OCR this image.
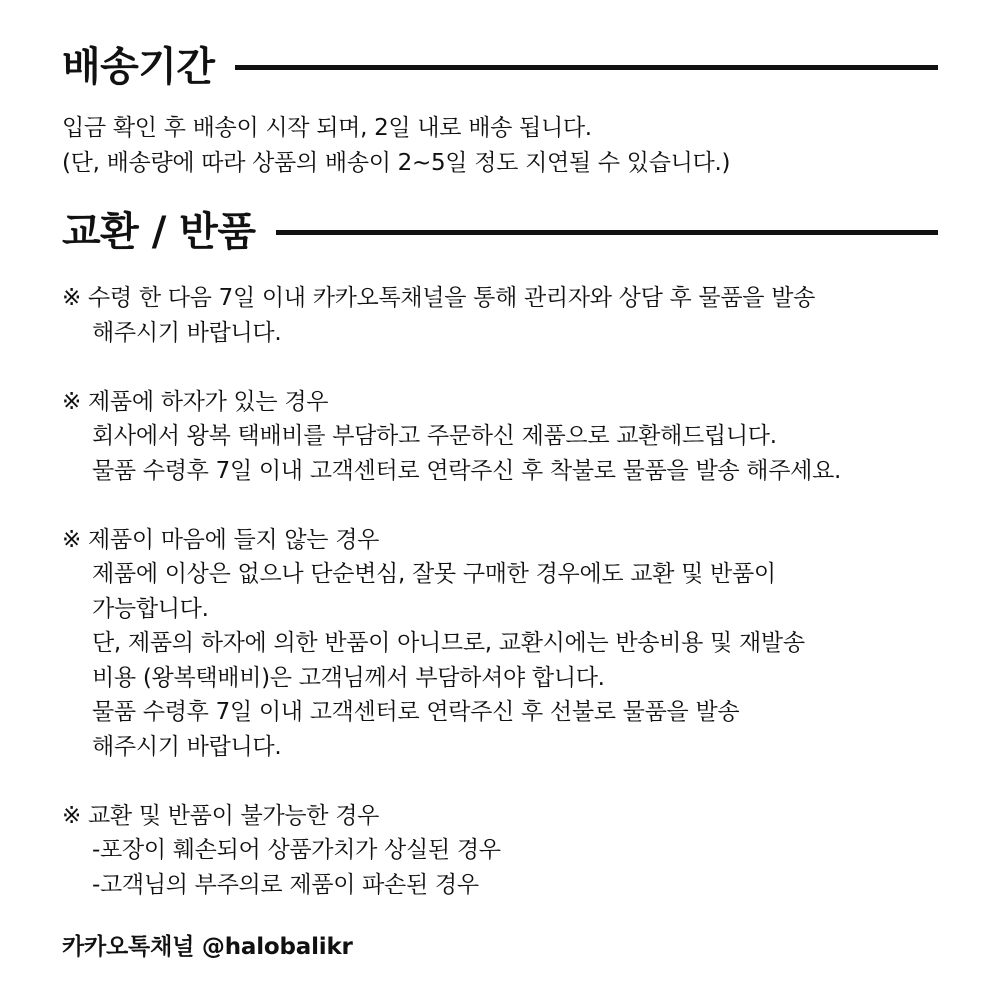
배송기간
입금 확인 후 배송이 시작 되며, 2일 내로 배송 됩니다.
(단, 배송량에 따라 상품의 배송이 2~5일 정도 지연될 수 있습니다.)
교환 / 반품
※ 수령 한 다음 7일 이내 카카오톡채널을 통해 관리자와 상담 후 물품을 발송
해주시기 바랍니다.
※ 제품에 하자가 있는 경우
회사에서 왕복 택배비를 부담하고 주문하신 제품으로 교환해드립니다.
물품 수령후 7일 이내 고객센터로 연락주신 후 착불로 물품을 발송 해주세요.
※ 제품이 마음에 들지 않는 경우
제품에 이상은 없으나 단순변심, 잘못 구매한 경우에도 교환 및 반품이
가능합니다.
단, 제품의 하자에 의한 반품이 아니므로, 교환시에는 반송비용 및 재발송
비용 (왕복택배비)은 고객님께서 부담하셔야 합니다.
물품 수령후 7일 이내 고객센터로 연락주신 후 선불로 물품을 발송
해주시기 바랍니다.
※ 교환 및 반품이 불가능한 경우
-포장이 훼손되어 상품가치가 상실된 경우
-고객님의 부주의로 제품이 파손된 경우
카카오톡채널 @halobalikr
